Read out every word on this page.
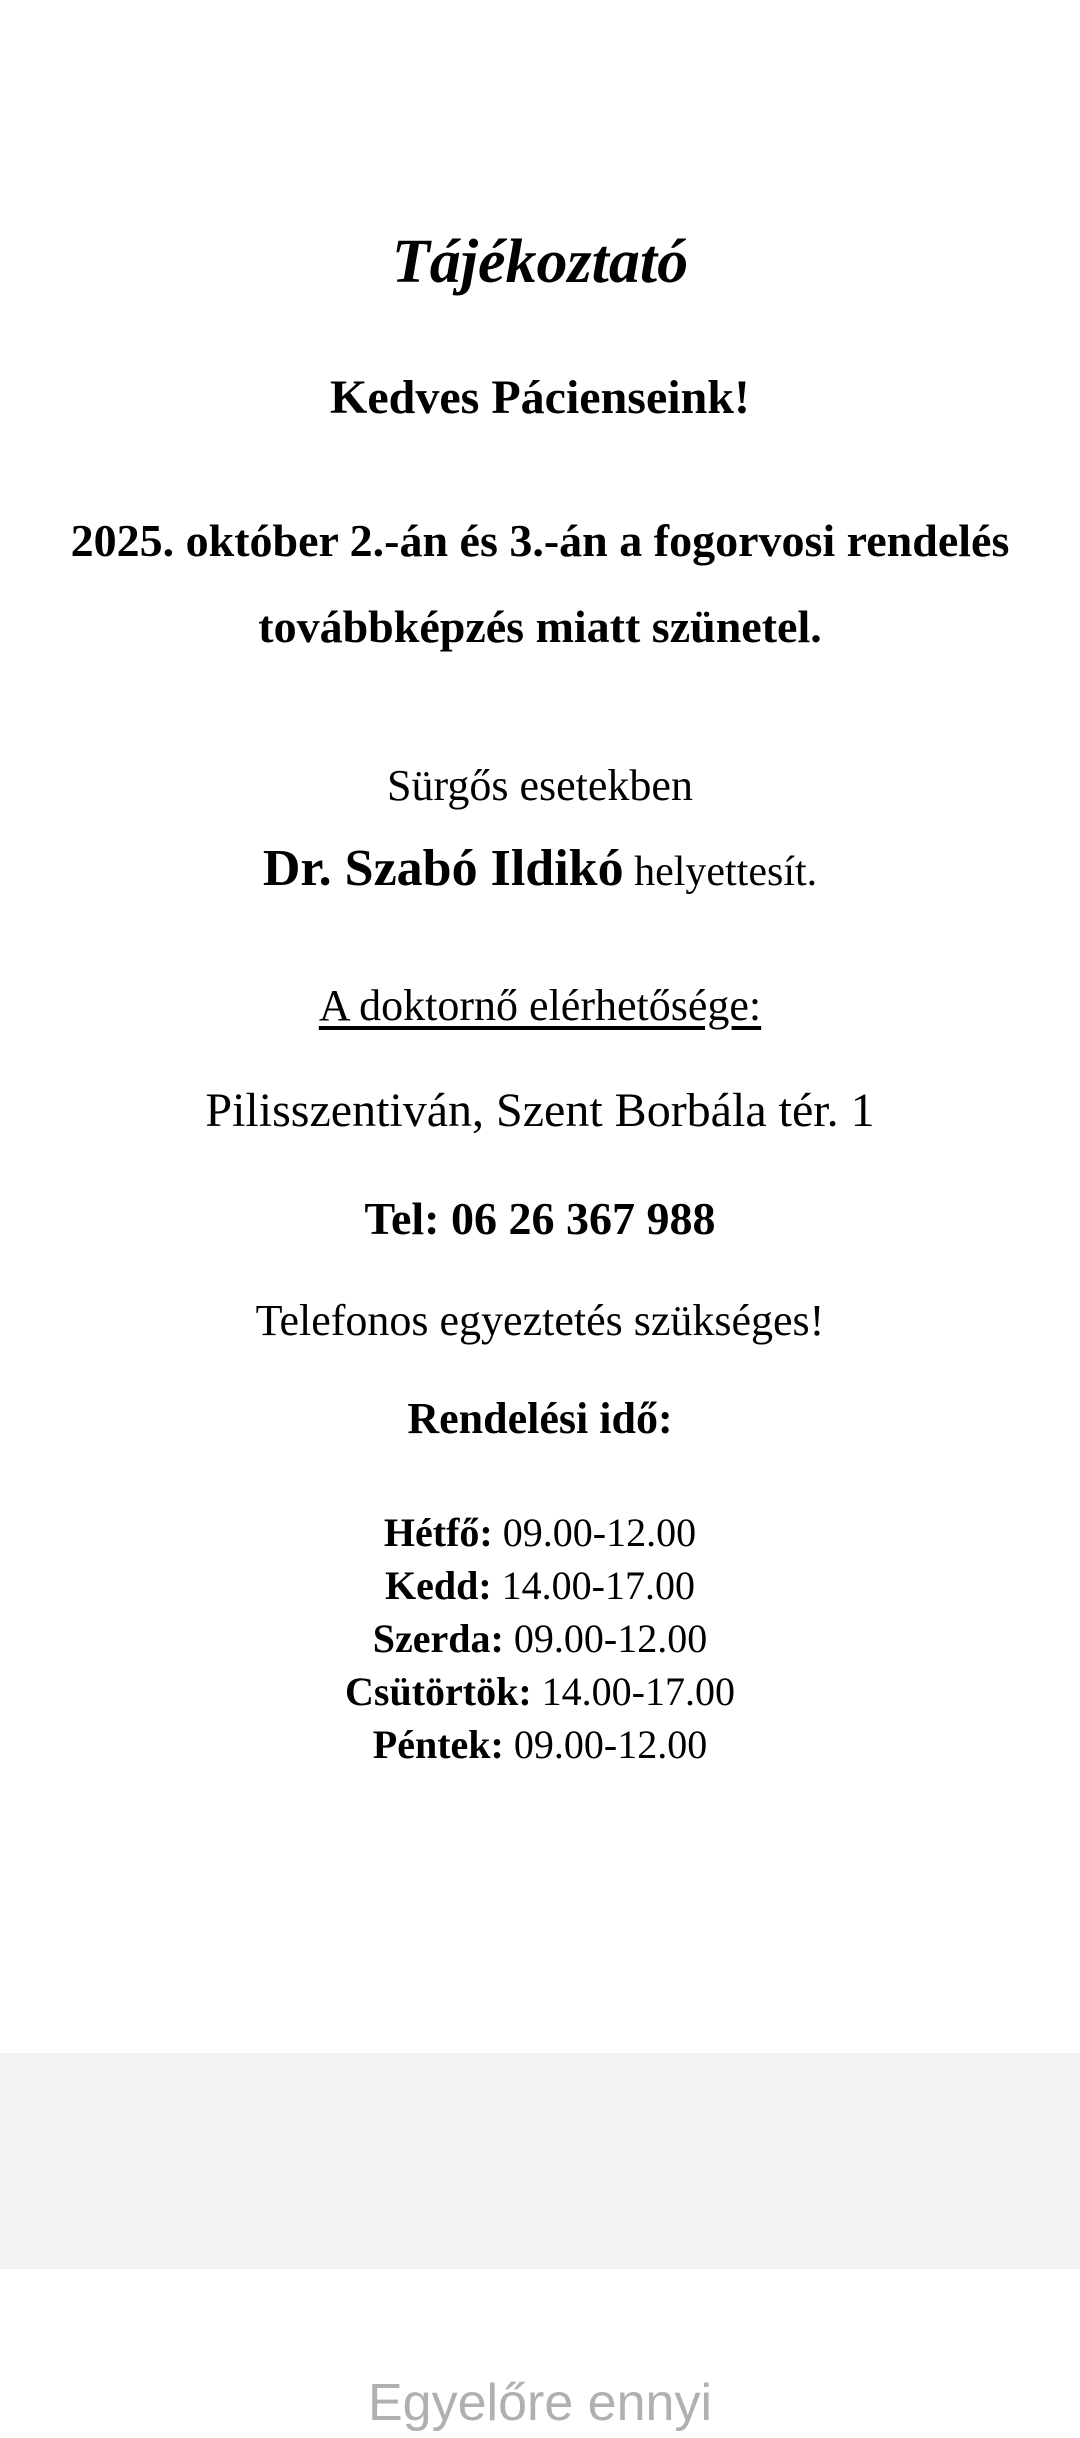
Tájékoztató
Kedves Pácienseink!
2025. október 2.-án és 3.-án a fogorvosi rendelés
továbbképzés miatt szünetel.
Sürgős esetekben
Dr. Szabó Ildikó helyettesít.
A doktornő elérhetősége:
Pilisszentiván, Szent Borbála tér. 1
Tel: 06 26 367 988
Telefonos egyeztetés szükséges!
Rendelési idő:
Hétfő: 09.00-12.00
Kedd: 14.00-17.00
Szerda: 09.00-12.00
Csütörtök: 14.00-17.00
Péntek: 09.00-12.00
Egyelőre ennyi
